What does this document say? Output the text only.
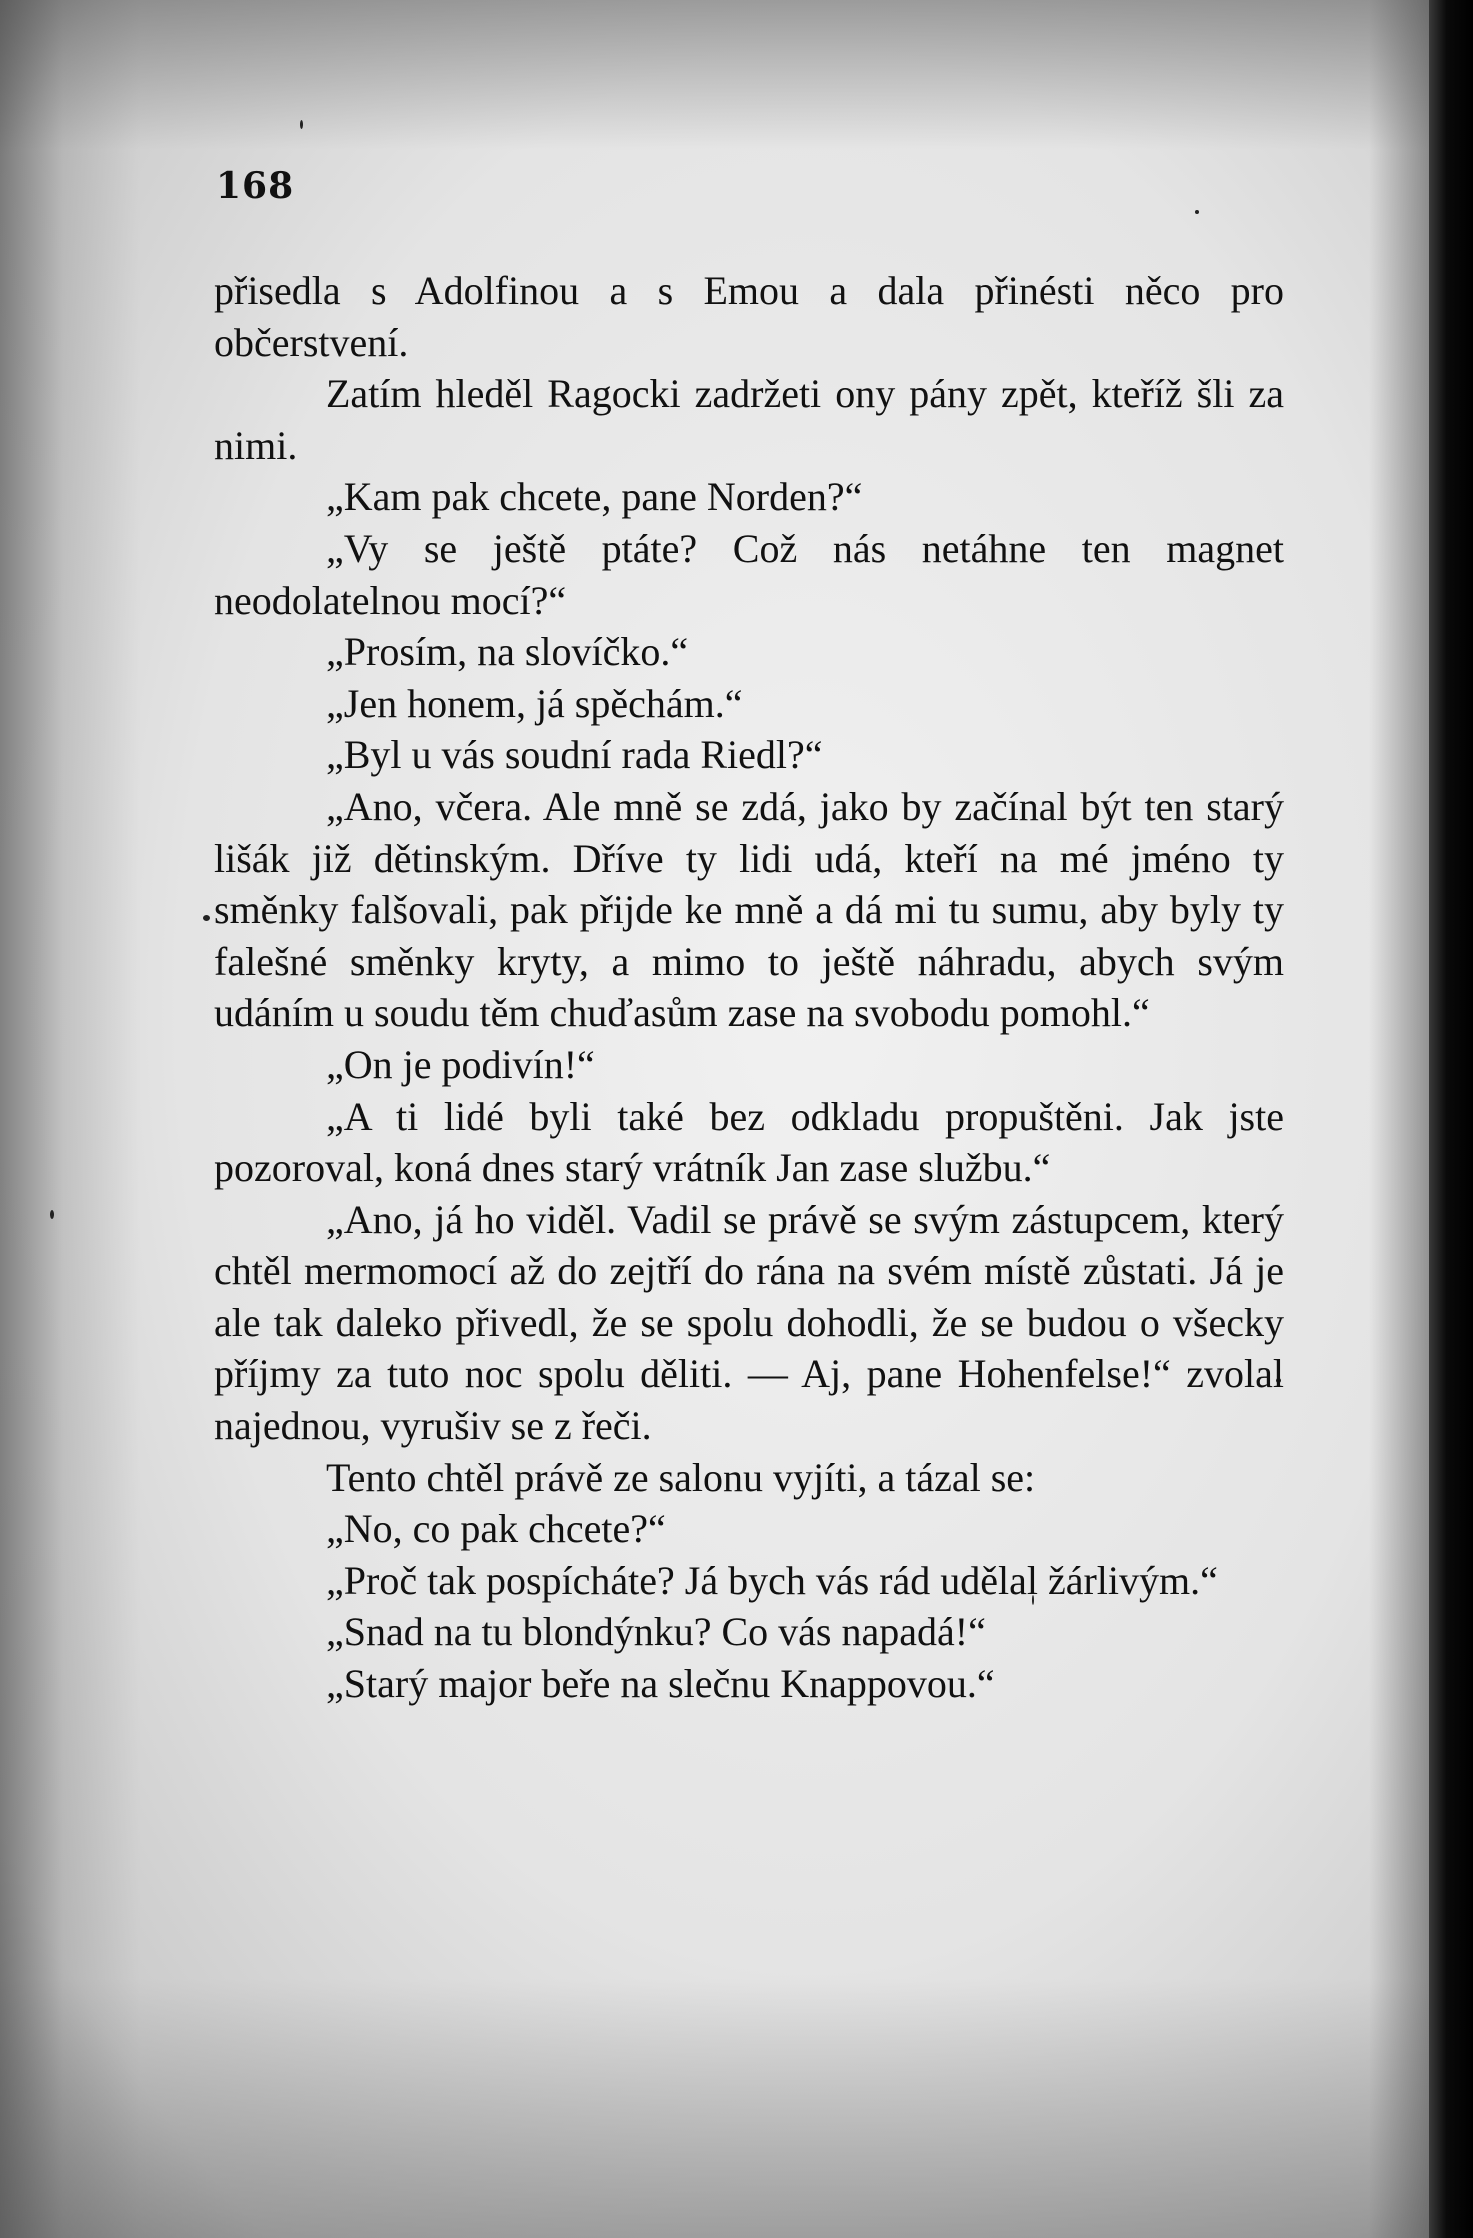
168

přisedla s Adolfinou a s Emou a dala přinésti něco pro občerstvení.

Zatím hleděl Ragocki zadržeti ony pány zpět, kteříž šli za nimi.

„Kam pak chcete, pane Norden?“

„Vy se ještě ptáte? Což nás netáhne ten magnet neodolatelnou mocí?“

„Prosím, na slovíčko.“

„Jen honem, já spěchám.“

„Byl u vás soudní rada Riedl?“

„Ano, včera. Ale mně se zdá, jako by začínal být ten starý lišák již dětinským. Dříve ty lidi udá, kteří na mé jméno ty směnky falšovali, pak přijde ke mně a dá mi tu sumu, aby byly ty falešné směnky kryty, a mimo to ještě náhradu, abych svým udáním u soudu těm chuďasům zase na svobodu pomohl.“

„On je podivín!“

„A ti lidé byli také bez odkladu propuštěni. Jak jste pozoroval, koná dnes starý vrátník Jan zase službu.“

„Ano, já ho viděl. Vadil se právě se svým zástupcem, který chtěl mermomocí až do zejtří do rána na svém místě zůstati. Já je ale tak daleko přivedl, že se spolu dohodli, že se budou o všecky příjmy za tuto noc spolu děliti. — Aj, pane Hohenfelse!“ zvolal najednou, vyrušiv se z řeči.

Tento chtěl právě ze salonu vyjíti, a tázal se:

„No, co pak chcete?“

„Proč tak pospícháte? Já bych vás rád udělal žárlivým.“

„Snad na tu blondýnku? Co vás napadá!“

„Starý major beře na slečnu Knappovou.“
